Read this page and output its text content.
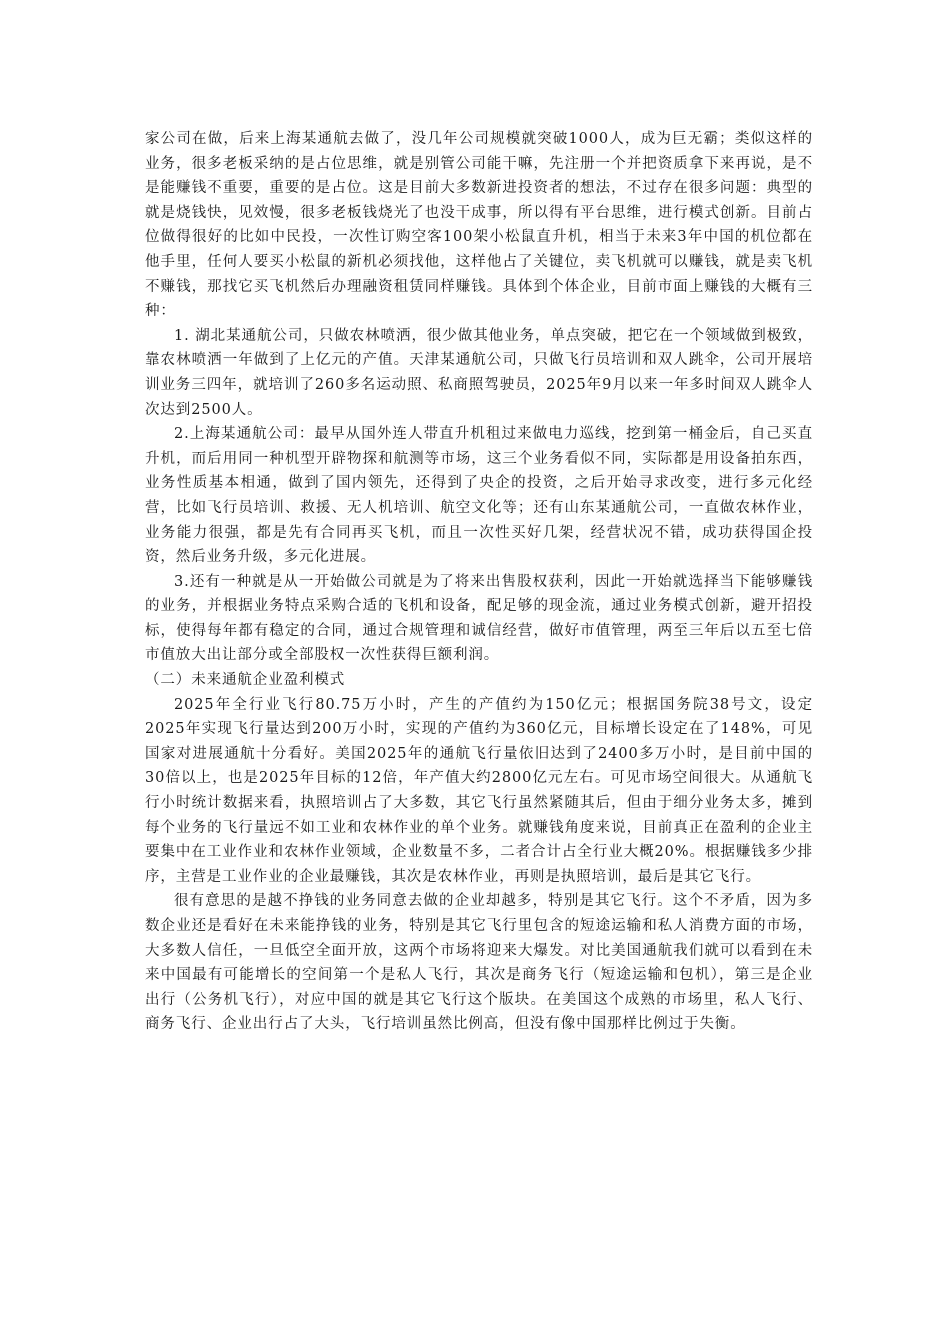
家公司在做，后来上海某通航去做了，没几年公司规模就突破1000人，成为巨无霸；类似这样的业务，很多老板采纳的是占位思维，就是别管公司能干嘛，先注册一个并把资质拿下来再说，是不是能赚钱不重要，重要的是占位。这是目前大多数新进投资者的想法，不过存在很多问题：典型的就是烧钱快，见效慢，很多老板钱烧光了也没干成事，所以得有平台思维，进行模式创新。目前占位做得很好的比如中民投，一次性订购空客100架小松鼠直升机，相当于未来3年中国的机位都在他手里，任何人要买小松鼠的新机必须找他，这样他占了关键位，卖飞机就可以赚钱，就是卖飞机不赚钱，那找它买飞机然后办理融资租赁同样赚钱。具体到个体企业，目前市面上赚钱的大概有三种：

1. 湖北某通航公司，只做农林喷洒，很少做其他业务，单点突破，把它在一个领域做到极致，靠农林喷洒一年做到了上亿元的产值。天津某通航公司，只做飞行员培训和双人跳伞，公司开展培训业务三四年，就培训了260多名运动照、私商照驾驶员，2025年9月以来一年多时间双人跳伞人次达到2500人。

2.上海某通航公司：最早从国外连人带直升机租过来做电力巡线，挖到第一桶金后，自己买直升机，而后用同一种机型开辟物探和航测等市场，这三个业务看似不同，实际都是用设备拍东西，业务性质基本相通，做到了国内领先，还得到了央企的投资，之后开始寻求改变，进行多元化经营，比如飞行员培训、救援、无人机培训、航空文化等；还有山东某通航公司，一直做农林作业，业务能力很强，都是先有合同再买飞机，而且一次性买好几架，经营状况不错，成功获得国企投资，然后业务升级，多元化进展。

3.还有一种就是从一开始做公司就是为了将来出售股权获利，因此一开始就选择当下能够赚钱的业务，并根据业务特点采购合适的飞机和设备，配足够的现金流，通过业务模式创新，避开招投标，使得每年都有稳定的合同，通过合规管理和诚信经营，做好市值管理，两至三年后以五至七倍市值放大出让部分或全部股权一次性获得巨额利润。

（二）未来通航企业盈利模式

2025年全行业飞行80.75万小时，产生的产值约为150亿元；根据国务院38号文，设定2025年实现飞行量达到200万小时，实现的产值约为360亿元，目标增长设定在了148%，可见国家对进展通航十分看好。美国2025年的通航飞行量依旧达到了2400多万小时，是目前中国的30倍以上，也是2025年目标的12倍，年产值大约2800亿元左右。可见市场空间很大。从通航飞行小时统计数据来看，执照培训占了大多数，其它飞行虽然紧随其后，但由于细分业务太多，摊到每个业务的飞行量远不如工业和农林作业的单个业务。就赚钱角度来说，目前真正在盈利的企业主要集中在工业作业和农林作业领域，企业数量不多，二者合计占全行业大概20%。根据赚钱多少排序，主营是工业作业的企业最赚钱，其次是农林作业，再则是执照培训，最后是其它飞行。

很有意思的是越不挣钱的业务同意去做的企业却越多，特别是其它飞行。这个不矛盾，因为多数企业还是看好在未来能挣钱的业务，特别是其它飞行里包含的短途运输和私人消费方面的市场，大多数人信任，一旦低空全面开放，这两个市场将迎来大爆发。对比美国通航我们就可以看到在未来中国最有可能增长的空间第一个是私人飞行，其次是商务飞行（短途运输和包机），第三是企业出行（公务机飞行），对应中国的就是其它飞行这个版块。在美国这个成熟的市场里，私人飞行、商务飞行、企业出行占了大头，飞行培训虽然比例高，但没有像中国那样比例过于失衡。
